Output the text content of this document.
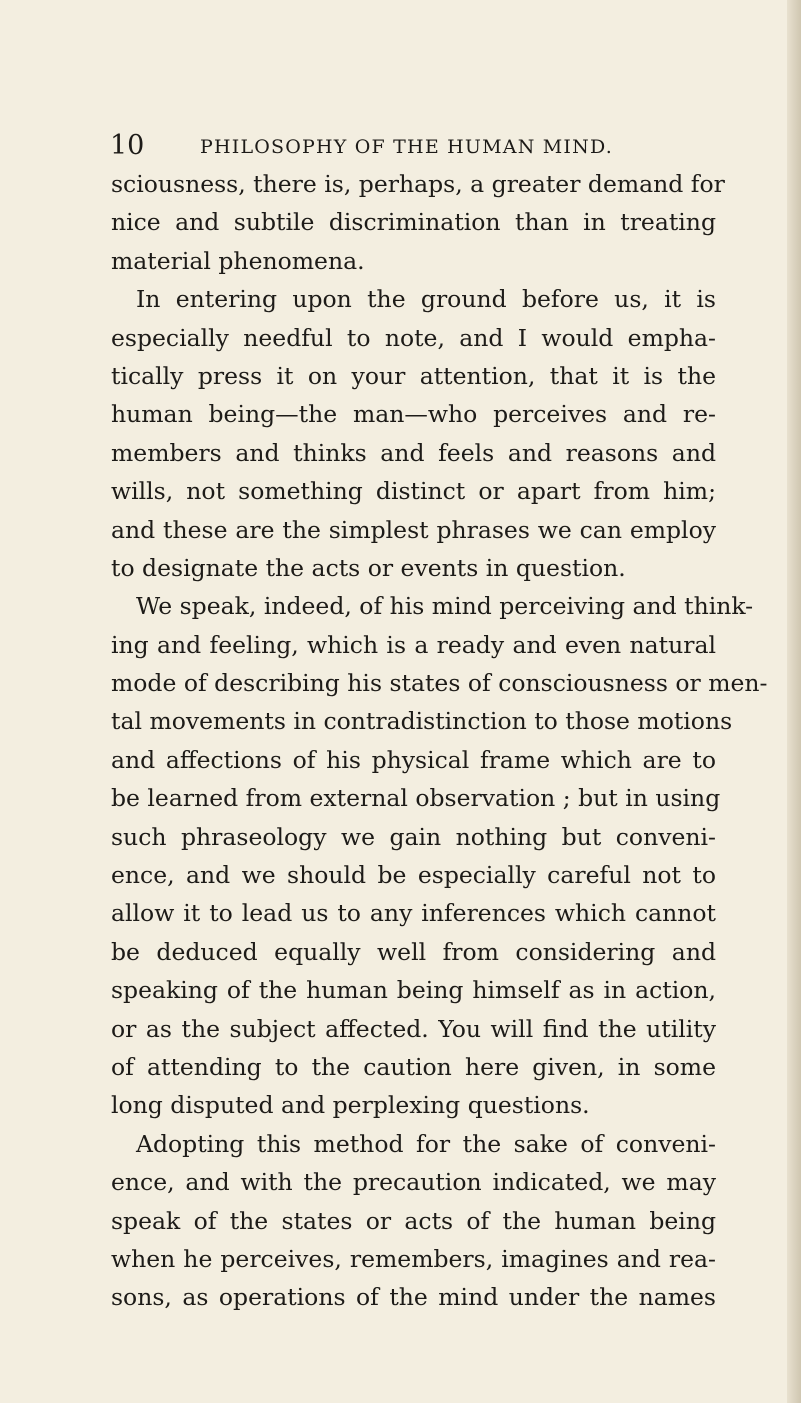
10	PHILOSOPHY OF THE HUMAN MIND.
sciousness, there is, perhaps, a greater demand for
nice and subtile discrimination than in treating
material phenomena.
In entering upon the ground before us, it is
especially needful to note, and I would empha-
tically press it on your attention, that it is the
human being—the man—who perceives and re-
members and thinks and feels and reasons and
wills, not something distinct or apart from him;
and these are the simplest phrases we can employ
to designate the acts or events in question.
We speak, indeed, of his mind perceiving and think-
ing and feeling, which is a ready and even natural
mode of describing his states of consciousness or men-
tal movements in contradistinction to those motions
and affections of his physical frame which are to
be learned from external observation ; but in using
such phraseology we gain nothing but conveni-
ence, and we should be especially careful not to
allow it to lead us to any inferences which cannot
be deduced equally well from considering and
speaking of the human being himself as in action,
or as the subject affected. You will find the utility
of attending to the caution here given, in some
long disputed and perplexing questions.
Adopting this method for the sake of conveni-
ence, and with the precaution indicated, we may
speak of the states or acts of the human being
when he perceives, remembers, imagines and rea-
sons, as operations of the mind under the names
